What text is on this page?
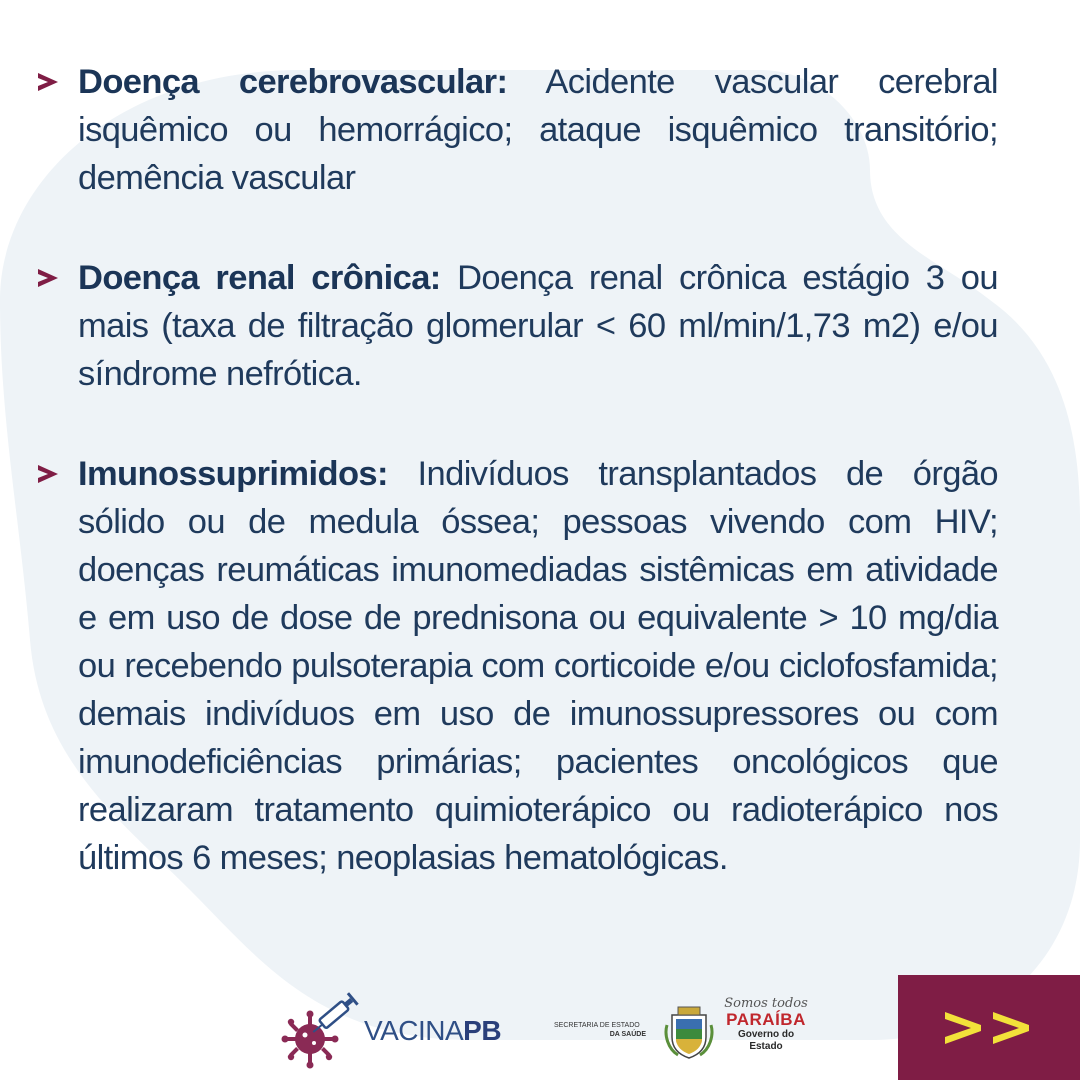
Doença cerebrovascular: Acidente vascular cerebral isquêmico ou hemorrágico; ataque isquêmico transitório; demência vascular
Doença renal crônica: Doença renal crônica estágio 3 ou mais (taxa de filtração glomerular < 60 ml/min/1,73 m2) e/ou síndrome nefrótica.
Imunossuprimidos: Indivíduos transplantados de órgão sólido ou de medula óssea; pessoas vivendo com HIV; doenças reumáticas imunomediadas sistêmicas em atividade e em uso de dose de prednisona ou equivalente > 10 mg/dia ou recebendo pulsoterapia com corticoide e/ou ciclofosfamida; demais indivíduos em uso de imunossupressores ou com imunodeficiências primárias; pacientes oncológicos que realizaram tratamento quimioterápico ou radioterápico nos últimos 6 meses; neoplasias hematológicas.
VACINAPB	SECRETARIA DE ESTADO
DA SAÚDE
Somos todos
PARAÍBA
Governo do Estado
